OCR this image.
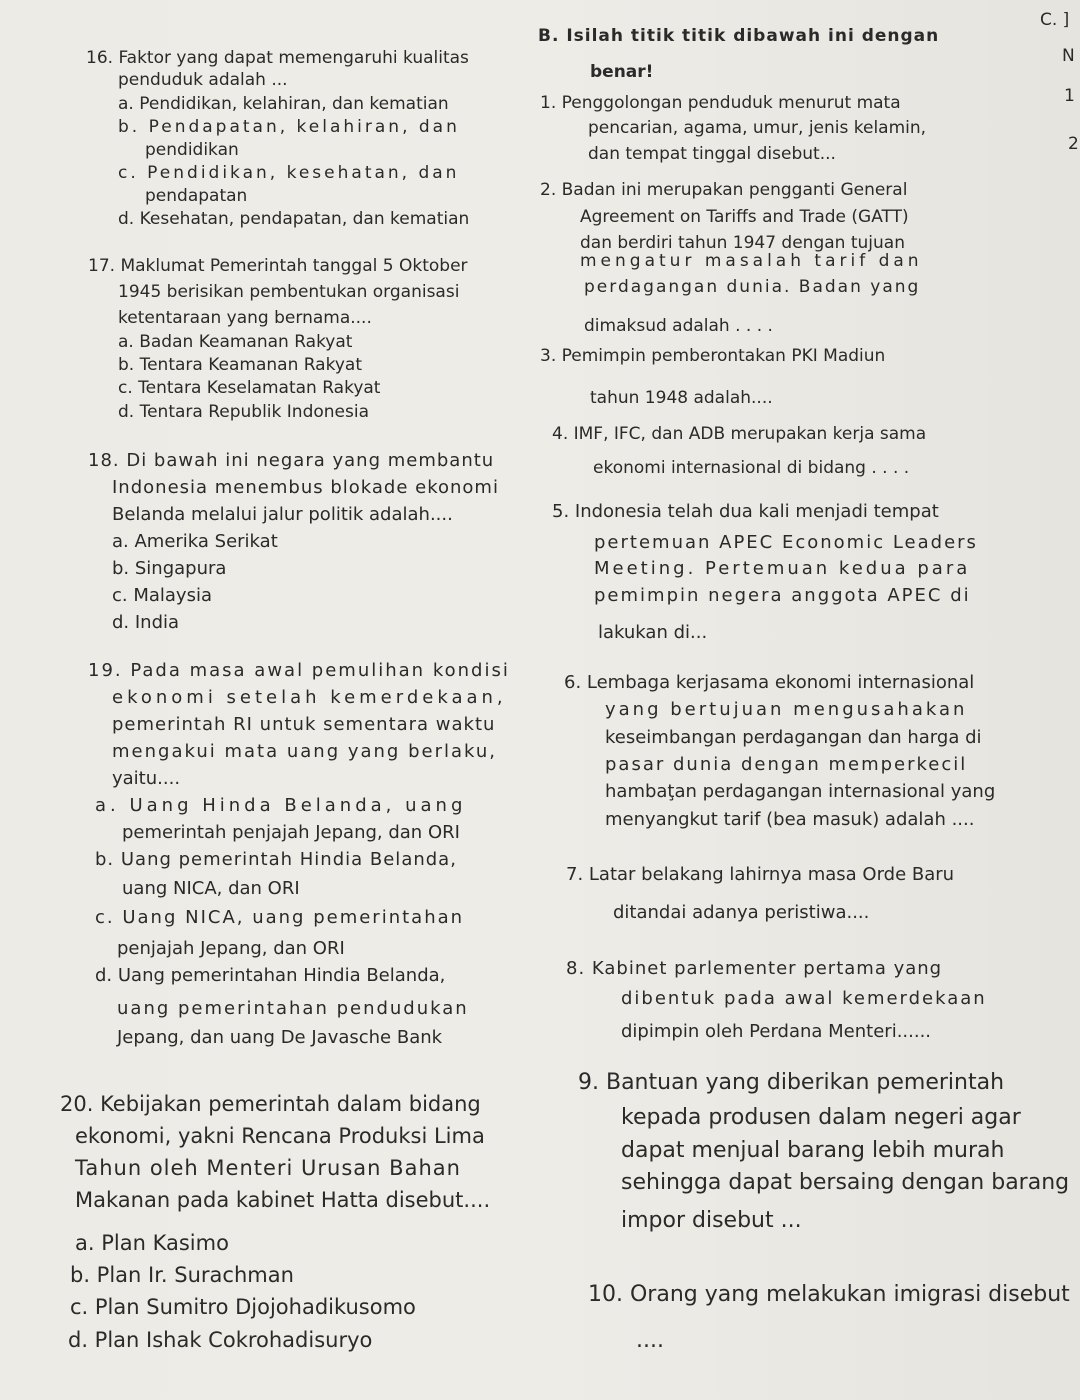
16. Faktor yang dapat memengaruhi kualitas
penduduk adalah ...
a. Pendidikan, kelahiran, dan kematian
b. Pendapatan, kelahiran, dan
pendidikan
c. Pendidikan, kesehatan, dan
pendapatan
d. Kesehatan, pendapatan, dan kematian
17. Maklumat Pemerintah tanggal 5 Oktober
1945 berisikan pembentukan organisasi
ketentaraan yang bernama....
a. Badan Keamanan Rakyat
b. Tentara Keamanan Rakyat
c. Tentara Keselamatan Rakyat
d. Tentara Republik Indonesia
18. Di bawah ini negara yang membantu
Indonesia menembus blokade ekonomi
Belanda melalui jalur politik adalah....
a. Amerika Serikat
b. Singapura
c. Malaysia
d. India
19. Pada masa awal pemulihan kondisi
ekonomi setelah kemerdekaan,
pemerintah RI untuk sementara waktu
mengakui mata uang yang berlaku,
yaitu....
a. Uang Hinda Belanda, uang
pemerintah penjajah Jepang, dan ORI
b. Uang pemerintah Hindia Belanda,
uang NICA, dan ORI
c. Uang NICA, uang pemerintahan
penjajah Jepang, dan ORI
d. Uang pemerintahan Hindia Belanda,
uang pemerintahan pendudukan
Jepang, dan uang De Javasche Bank
20. Kebijakan pemerintah dalam bidang
ekonomi, yakni Rencana Produksi Lima
Tahun oleh Menteri Urusan Bahan
Makanan pada kabinet Hatta disebut....
a. Plan Kasimo
b. Plan Ir. Surachman
c. Plan Sumitro Djojohadikusomo
d. Plan Ishak Cokrohadisuryo
B. Isilah titik titik dibawah ini dengan
benar!
1. Penggolongan penduduk menurut mata
pencarian, agama, umur, jenis kelamin,
dan tempat tinggal disebut...
2. Badan ini merupakan pengganti General
Agreement on Tariffs and Trade (GATT)
dan berdiri tahun 1947 dengan tujuan
mengatur masalah tarif dan
perdagangan dunia. Badan yang
dimaksud adalah . . . .
3. Pemimpin pemberontakan PKI Madiun
tahun 1948 adalah....
4. IMF, IFC, dan ADB merupakan kerja sama
ekonomi internasional di bidang . . . .
5. Indonesia telah dua kali menjadi tempat
pertemuan APEC Economic Leaders
Meeting. Pertemuan kedua para
pemimpin negera anggota APEC di
lakukan di...
6. Lembaga kerjasama ekonomi internasional
yang bertujuan mengusahakan
keseimbangan perdagangan dan harga di
pasar dunia dengan memperkecil
hambaţan perdagangan internasional yang
menyangkut tarif (bea masuk) adalah ....
7. Latar belakang lahirnya masa Orde Baru
ditandai adanya peristiwa....
8. Kabinet parlementer pertama yang
dibentuk pada awal kemerdekaan
dipimpin oleh Perdana Menteri......
9. Bantuan yang diberikan pemerintah
kepada produsen dalam negeri agar
dapat menjual barang lebih murah
sehingga dapat bersaing dengan barang
impor disebut ...
10. Orang yang melakukan imigrasi disebut
....
C. ]
N
1
2
